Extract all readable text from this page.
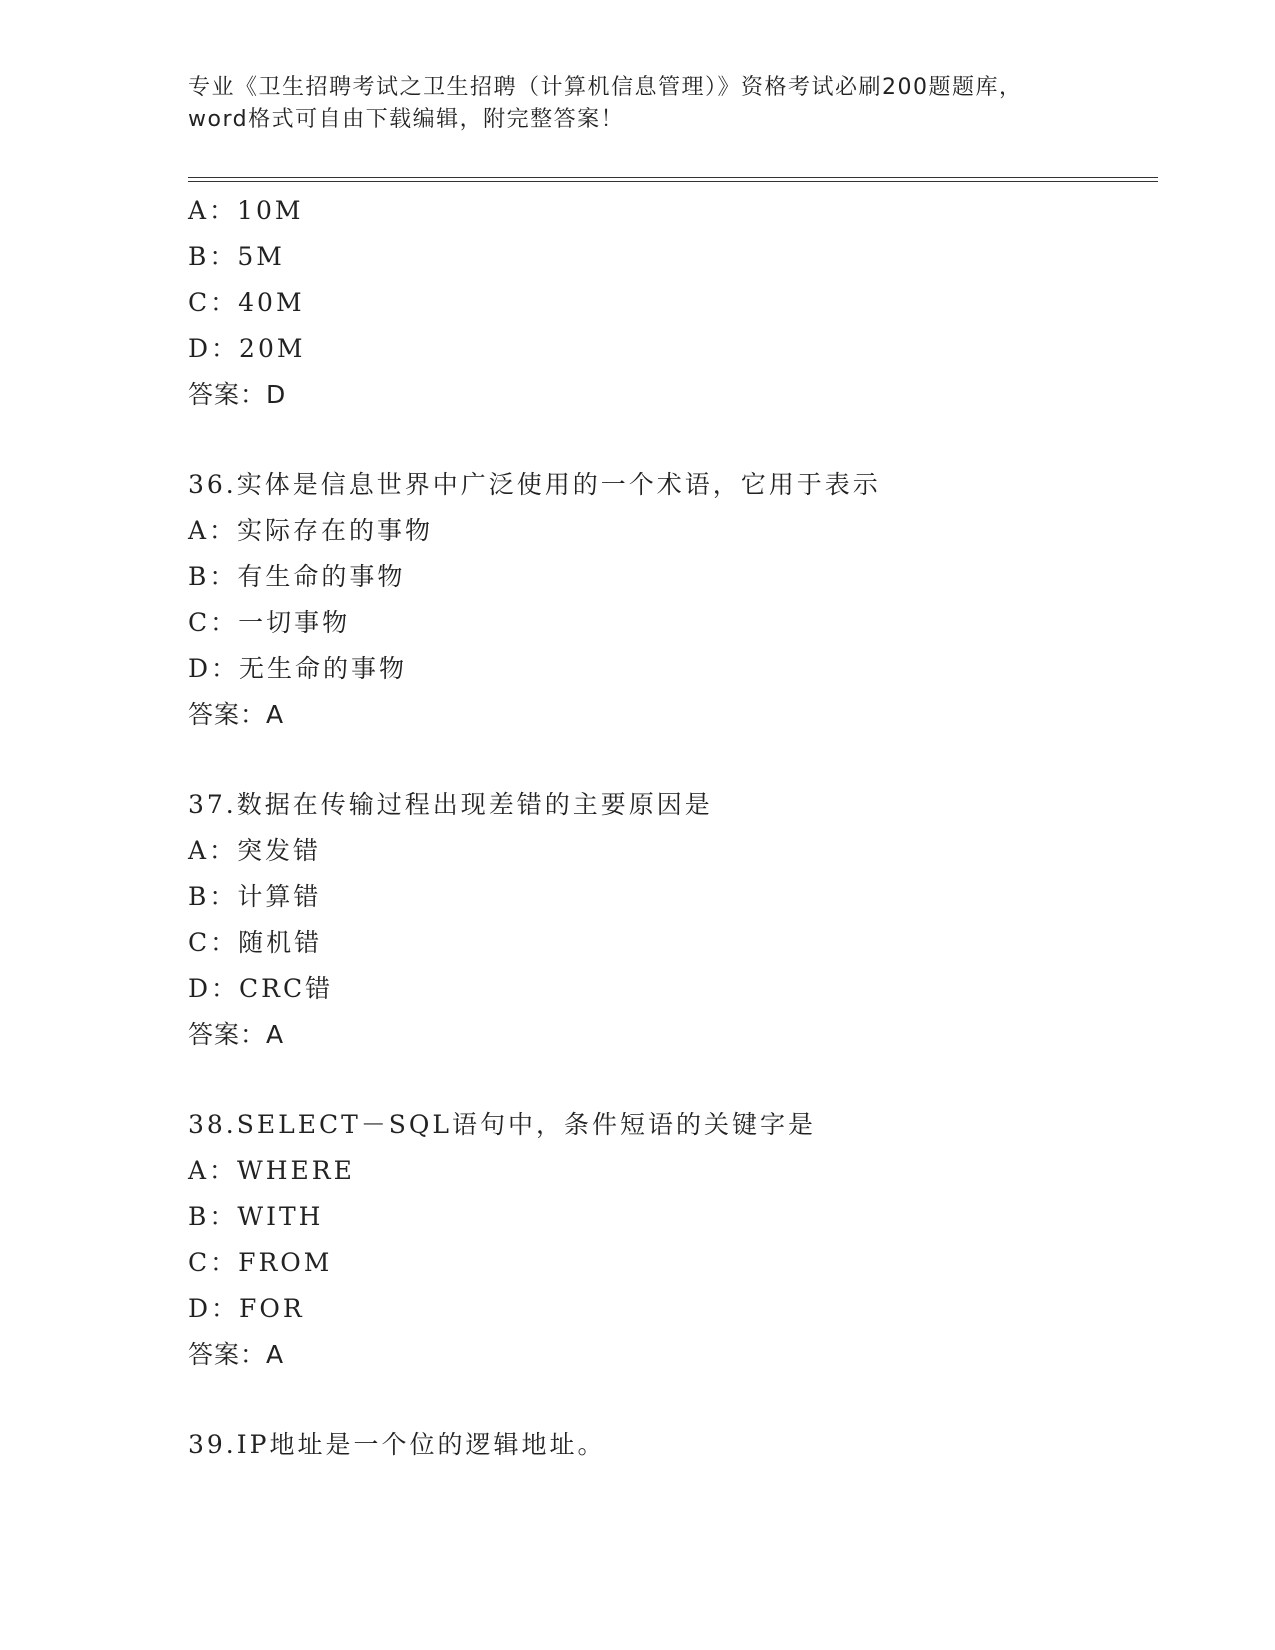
专业《卫生招聘考试之卫生招聘（计算机信息管理）》资格考试必刷200题题库，
word格式可自由下载编辑，附完整答案！
A：10M
B：5M
C：40M
D：20M
答案：D
36.实体是信息世界中广泛使用的一个术语，它用于表示
A：实际存在的事物
B：有生命的事物
C：一切事物
D：无生命的事物
答案：A
37.数据在传输过程出现差错的主要原因是
A：突发错
B：计算错
C：随机错
D：CRC错
答案：A
38.SELECT－SQL语句中，条件短语的关键字是
A：WHERE
B：WITH
C：FROM
D：FOR
答案：A
39.IP地址是一个位的逻辑地址。
